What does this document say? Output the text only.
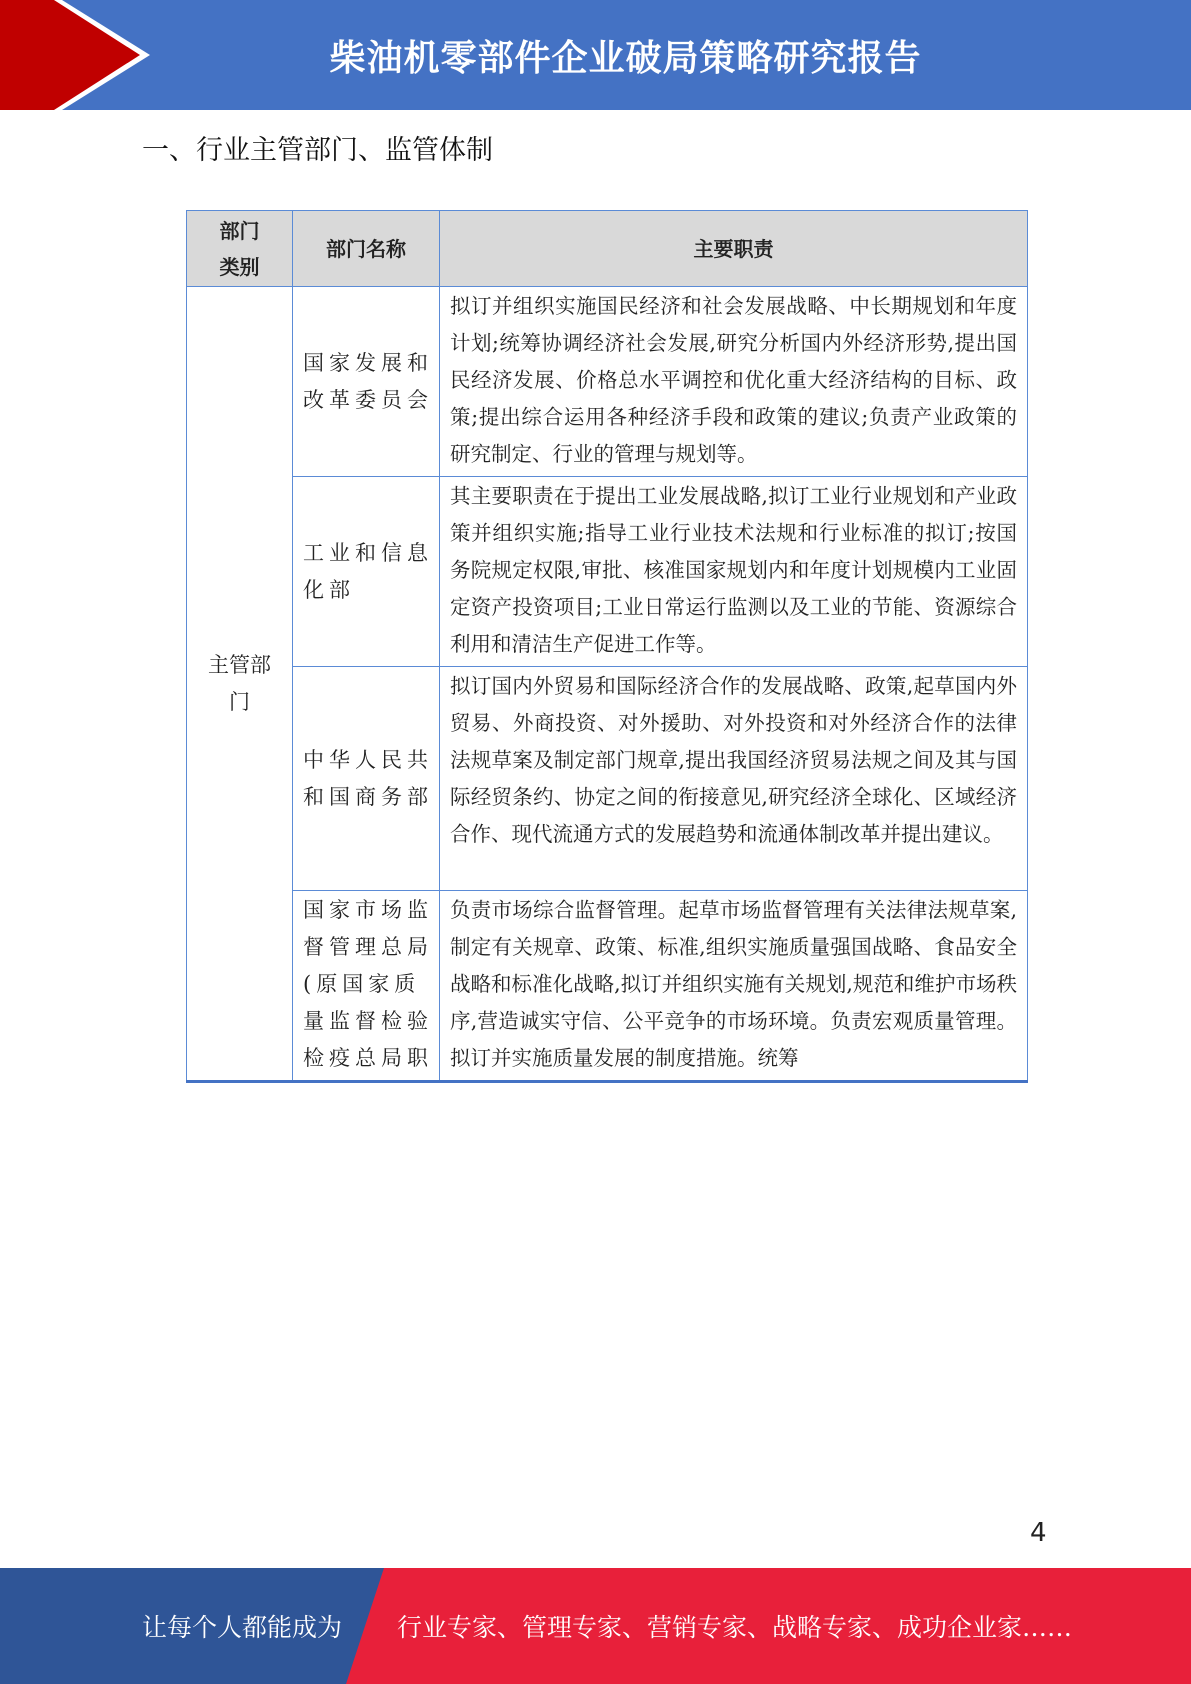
柴油机零部件企业破局策略研究报告
一、行业主管部门、监管体制
部门
类别	部门名称	主要职责

主管部
门	国家发展和改革委员会	拟订并组织实施国民经济和社会发展战略、中长期规划和年度计划;统筹协调经济社会发展,研究分析国内外经济形势,提出国民经济发展、价格总水平调控和优化重大经济结构的目标、政策;提出综合运用各种经济手段和政策的建议;负责产业政策的研究制定、行业的管理与规划等。
	工业和信息化部	其主要职责在于提出工业发展战略,拟订工业行业规划和产业政策并组织实施;指导工业行业技术法规和行业标准的拟订;按国务院规定权限,审批、核准国家规划内和年度计划规模内工业固定资产投资项目;工业日常运行监测以及工业的节能、资源综合利用和清洁生产促进工作等。
	中华人民共和国商务部	拟订国内外贸易和国际经济合作的发展战略、政策,起草国内外贸易、外商投资、对外援助、对外投资和对外经济合作的法律法规草案及制定部门规章,提出我国经济贸易法规之间及其与国际经贸条约、协定之间的衔接意见,研究经济全球化、区域经济合作、现代流通方式的发展趋势和流通体制改革并提出建议。
	国家市场监督管理总局(原国家质量监督检验检疫总局职	负责市场综合监督管理。起草市场监督管理有关法律法规草案,制定有关规章、政策、标准,组织实施质量强国战略、食品安全战略和标准化战略,拟订并组织实施有关规划,规范和维护市场秩序,营造诚实守信、公平竞争的市场环境。负责宏观质量管理。拟订并实施质量发展的制度措施。统筹
4
让每个人都能成为 行业专家、管理专家、营销专家、战略专家、成功企业家……
